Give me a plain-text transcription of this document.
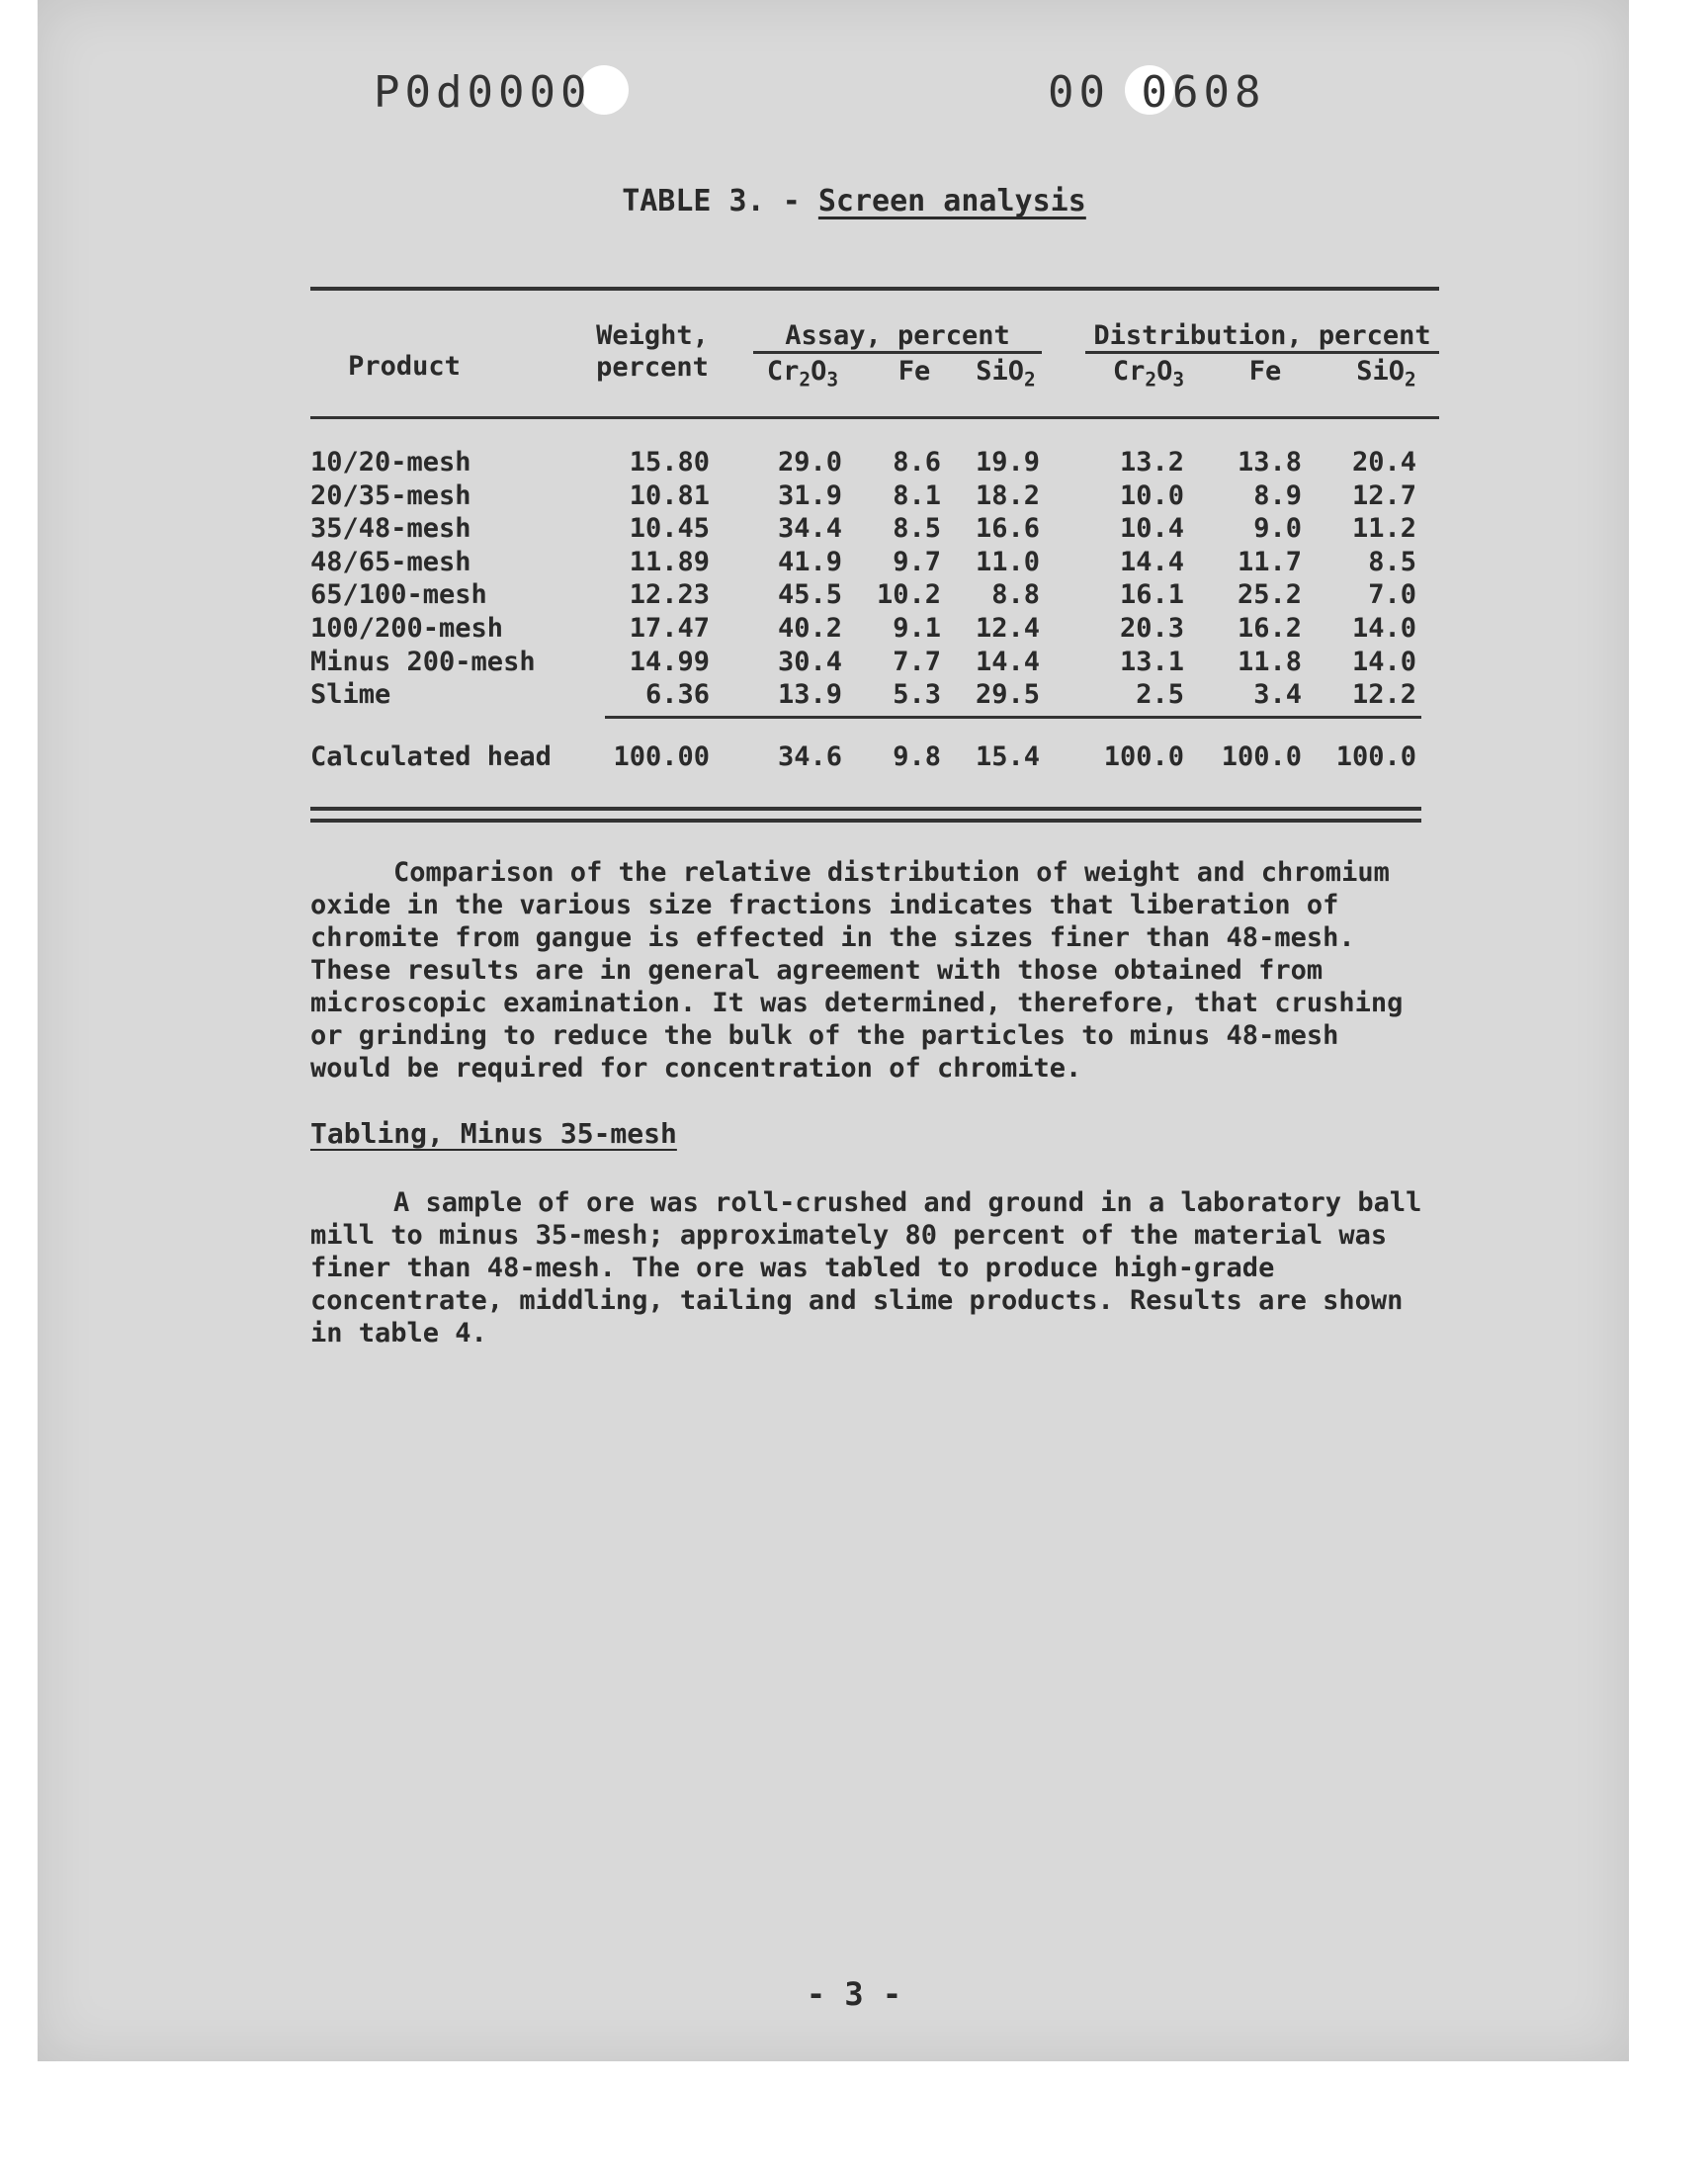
P0d0000	00 0608
TABLE 3. - Screen analysis
Product
Weight,
percent
Assay, percent	Distribution, percent
$Cr_2O_3$	Fe	SiO$_2$	$Cr_2O_3$	Fe	SiO$_2$
10/20-mesh	15.80	29.0	8.6	19.9	13.2	13.8	20.4
20/35-mesh	10.81	31.9	8.1	18.2	10.0	8.9	12.7
35/48-mesh	10.45	34.4	8.5	16.6	10.4	9.0	11.2
48/65-mesh	11.89	41.9	9.7	11.0	14.4	11.7	8.5
65/100-mesh	12.23	45.5	10.2	8.8	16.1	25.2	7.0
100/200-mesh	17.47	40.2	9.1	12.4	20.3	16.2	14.0
Minus 200-mesh	14.99	30.4	7.7	14.4	13.1	11.8	14.0
Slime	6.36	13.9	5.3	29.5	2.5	3.4	12.2
Calculated head	100.00	34.6	9.8	15.4	100.0	100.0	100.0

Comparison of the relative distribution of weight and chromium oxide in the various size fractions indicates that liberation of chromite from gangue is effected in the sizes finer than 48-mesh. These results are in general agreement with those obtained from microscopic examination. It was determined, therefore, that crushing or grinding to reduce the bulk of the particles to minus 48-mesh would be required for concentration of chromite.

Tabling, Minus 35-mesh

A sample of ore was roll-crushed and ground in a laboratory ball mill to minus 35-mesh; approximately 80 percent of the material was finer than 48-mesh. The ore was tabled to produce high-grade concentrate, middling, tailing and slime products. Results are shown in table 4.

- 3 -
